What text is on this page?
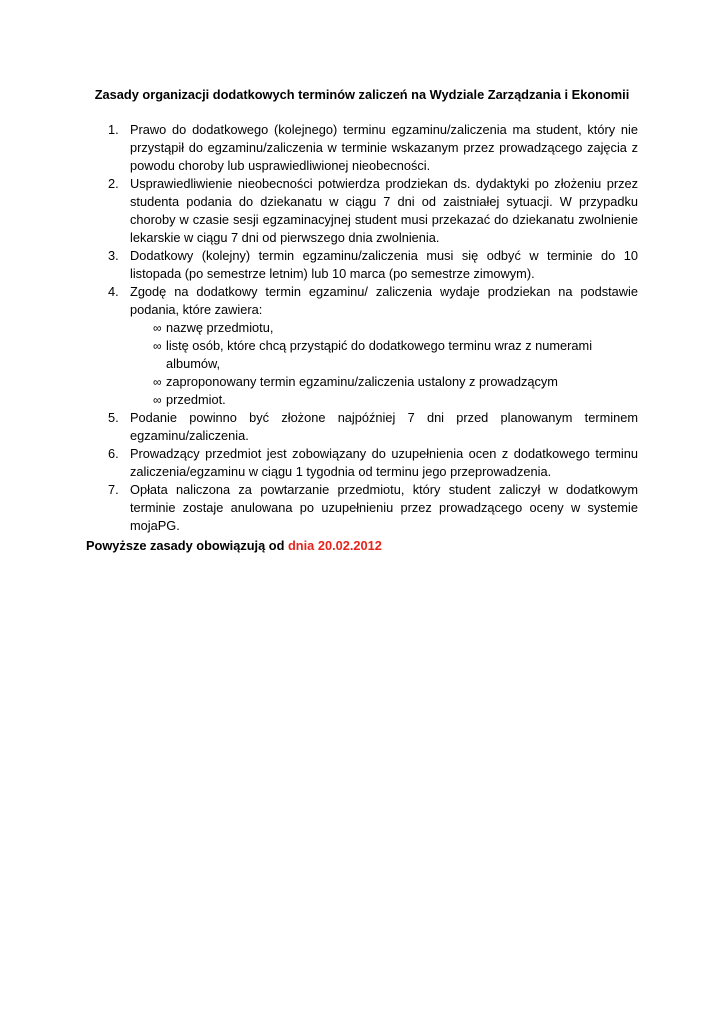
Zasady organizacji dodatkowych terminów zaliczeń na Wydziale Zarządzania i Ekonomii
1. Prawo do dodatkowego (kolejnego) terminu egzaminu/zaliczenia ma student, który nie przystąpił do egzaminu/zaliczenia w terminie wskazanym przez prowadzącego zajęcia z powodu choroby lub usprawiedliwionej nieobecności.
2. Usprawiedliwienie nieobecności potwierdza prodziekan ds. dydaktyki po złożeniu przez studenta podania do dziekanatu w ciągu 7 dni od zaistniałej sytuacji. W przypadku choroby w czasie sesji egzaminacyjnej student musi przekazać do dziekanatu zwolnienie lekarskie w ciągu 7 dni od pierwszego dnia zwolnienia.
3. Dodatkowy (kolejny) termin egzaminu/zaliczenia musi się odbyć w terminie do 10 listopada (po semestrze letnim) lub 10 marca (po semestrze zimowym).
4. Zgodę na dodatkowy termin egzaminu/ zaliczenia wydaje prodziekan na podstawie podania, które zawiera:
∞ nazwę przedmiotu,
∞ listę osób, które chcą przystąpić do dodatkowego terminu wraz z numerami albumów,
∞ zaproponowany termin egzaminu/zaliczenia ustalony z prowadzącym
∞ przedmiot.
5. Podanie powinno być złożone najpóźniej 7 dni przed planowanym terminem egzaminu/zaliczenia.
6. Prowadzący przedmiot jest zobowiązany do uzupełnienia ocen z dodatkowego terminu zaliczenia/egzaminu w ciągu 1 tygodnia od terminu jego przeprowadzenia.
7. Opłata naliczona za powtarzanie przedmiotu, który student zaliczył w dodatkowym terminie zostaje anulowana po uzupełnieniu przez prowadzącego oceny w systemie mojaPG.
Powyższe zasady obowiązują od dnia 20.02.2012
